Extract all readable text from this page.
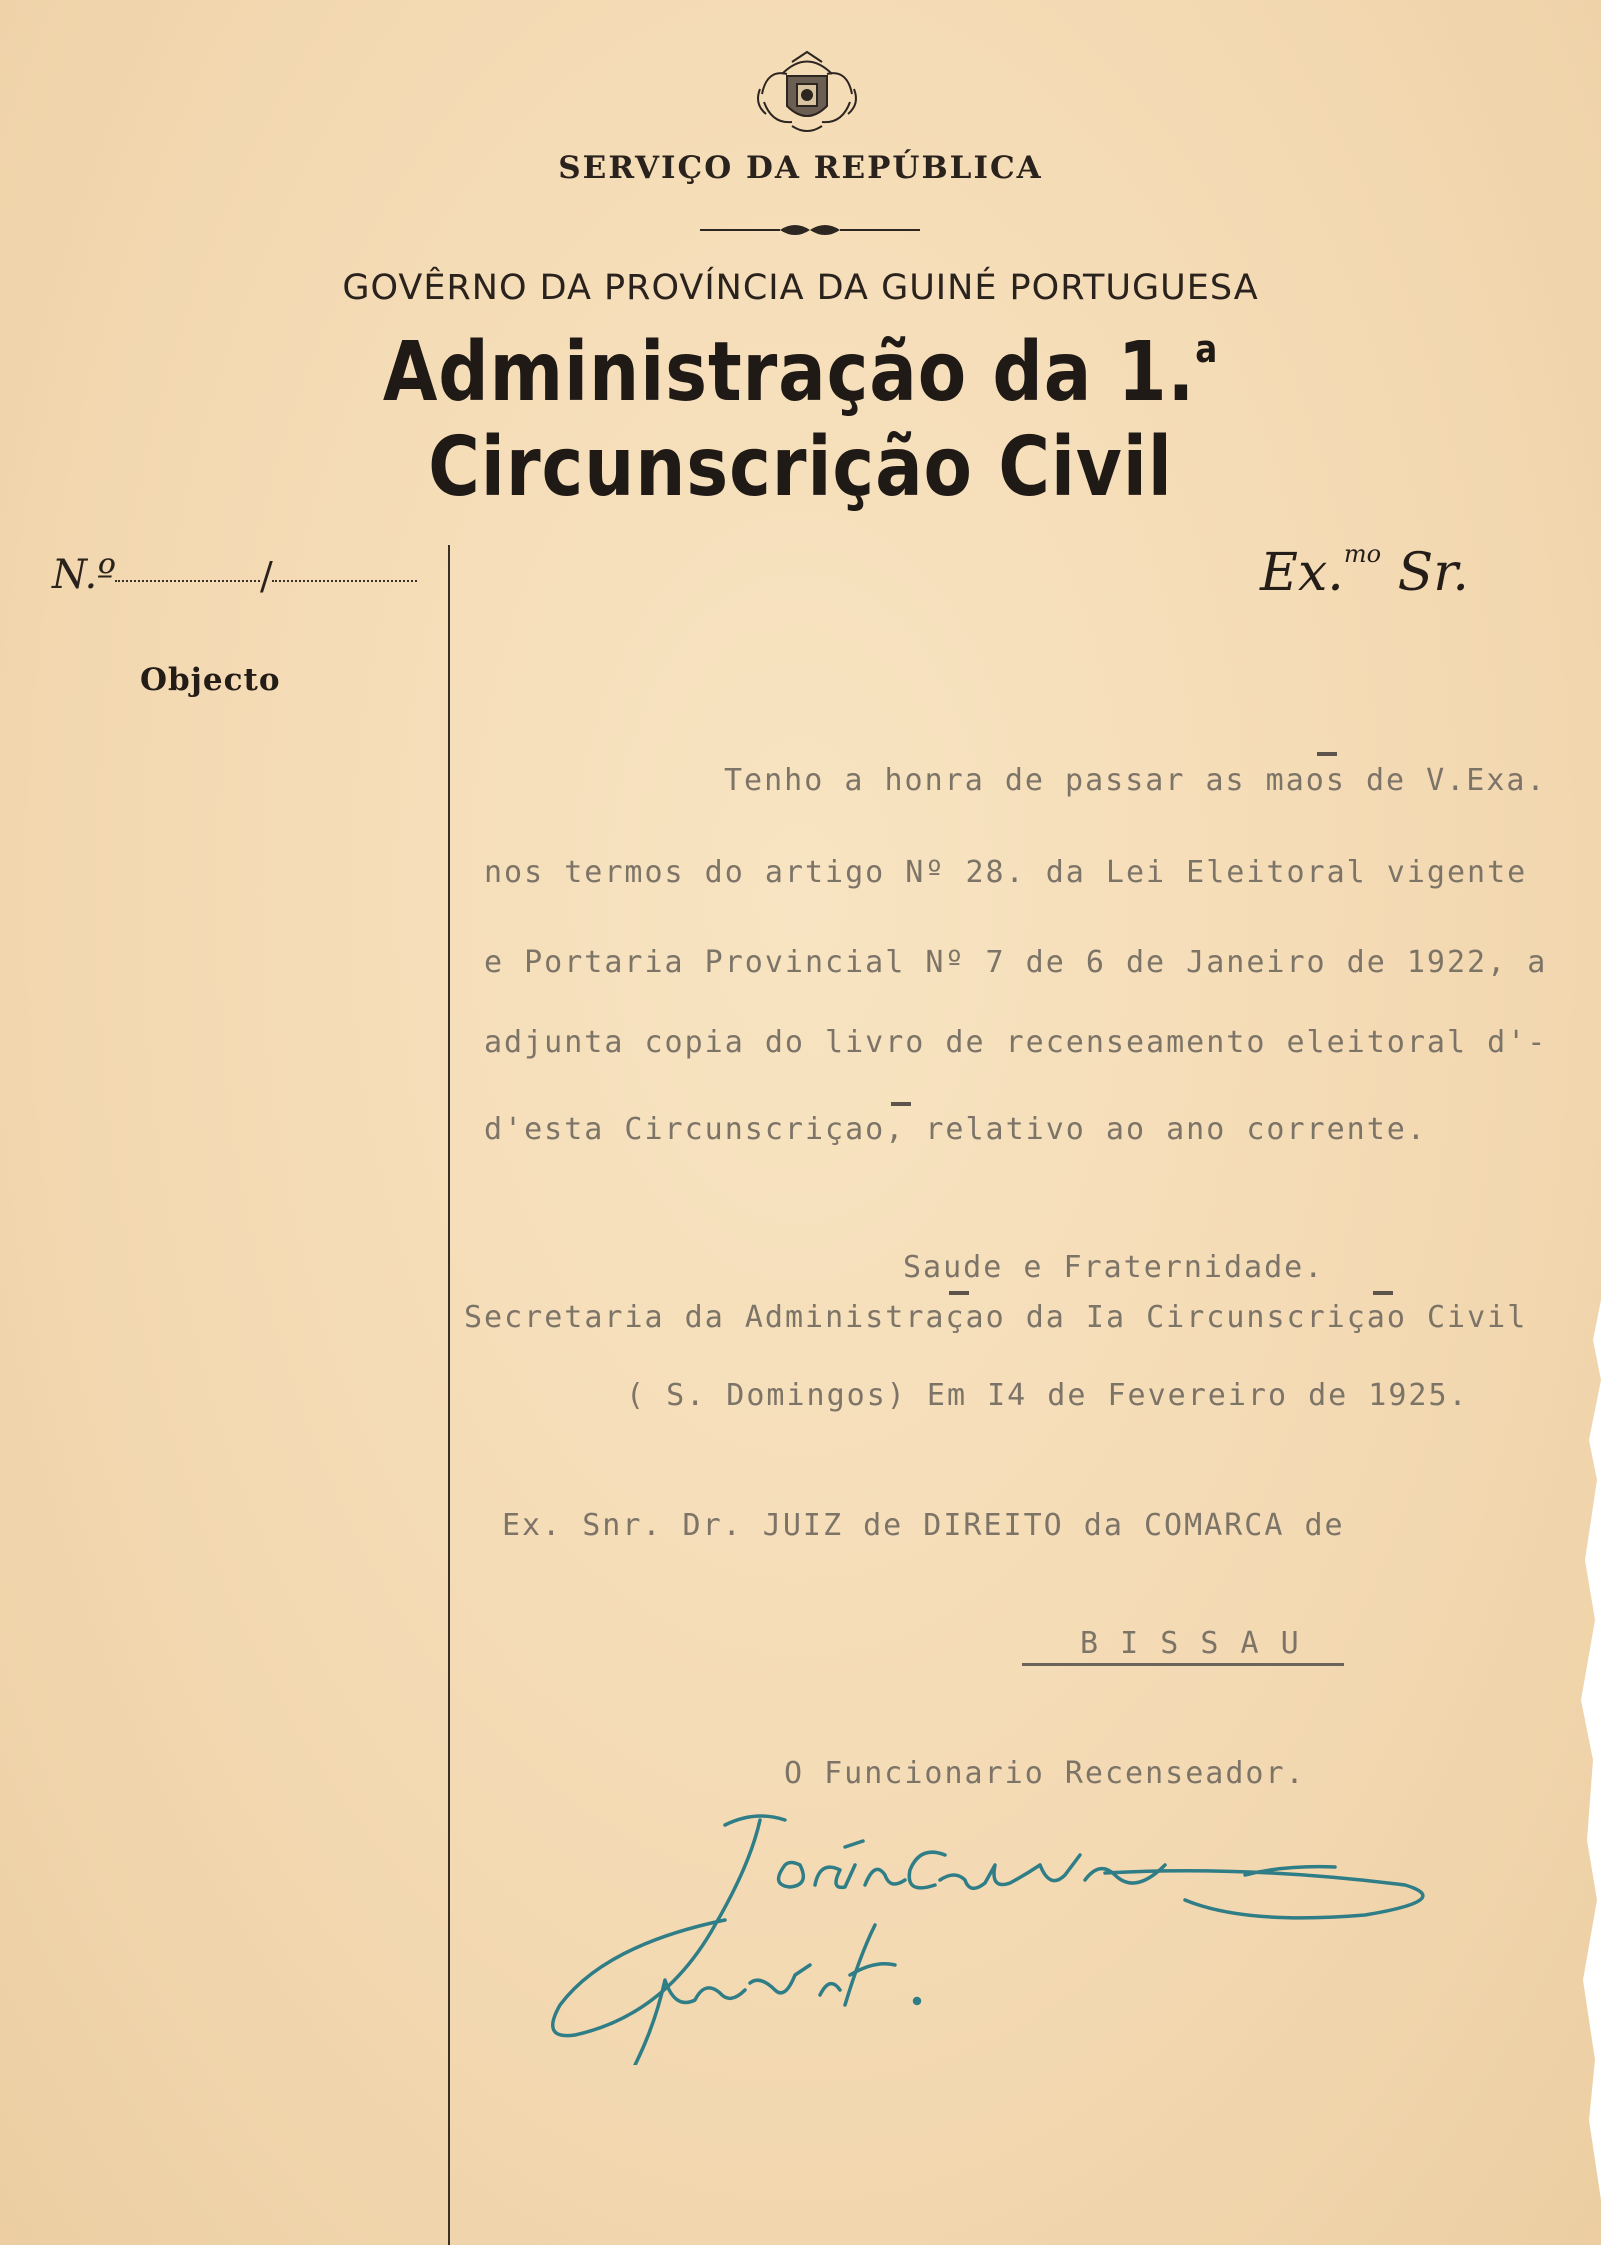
SERVIÇO DA REPÚBLICA
GOVÊRNO DA PROVÍNCIA DA GUINÉ PORTUGUESA
Administração da 1.$^a$ Circunscrição Civil
N.º	/
Objecto
Ex.$^{mo}$ Sr.
Tenho a honra de passar as maos de V.Exa.
nos termos do artigo Nº 28. da Lei Eleitoral vigente
e Portaria Provincial Nº 7 de 6 de Janeiro de 1922, a
adjunta copia do livro de recenseamento eleitoral d'-
d'esta Circunscriçao, relativo ao ano corrente.
Saude e Fraternidade.
Secretaria da Administraçao da Ia Circunscriçao Civil
( S. Domingos) Em I4 de Fevereiro de 1925.
Ex. Snr. Dr. JUIZ de DIREITO da COMARCA de
B I S S A U
O Funcionario Recenseador.
